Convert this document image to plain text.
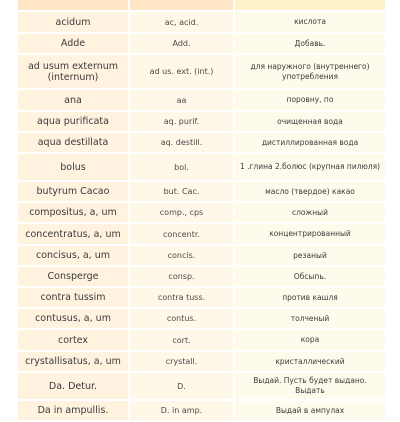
acidum	ac, acid.	кислота
Adde	Add.	Добавь.
ad usum externum (internum)	ad us. ext. (int.)	для наружного (внутреннего) употребления
ana	aa	поровну, по
aqua purificata	aq. purif.	очищенная вода
aqua destillata	aq. destill.	дистиллированная вода
bolus	bol.	1 .глина 2.болюс (крупная пилюля)
butyrum Cacao	but. Cac.	масло (твердое) какао
compositus, a, um	comp., cps	сложный
concentratus, a, um	concentr.	концентрированный
concisus, a, um	concis.	резаный
Consperge	consp.	Обсыпь.
contra tussim	contra tuss.	против кашля
contusus, a, um	contus.	толченый
cortex	cort.	кора
crystallisatus, a, um	crystall.	кристаллический
Da. Detur.	D.	Выдай. Пусть будет выдано. Выдать
Da in ampullis.	D. in amp.	Выдай в ампулах
